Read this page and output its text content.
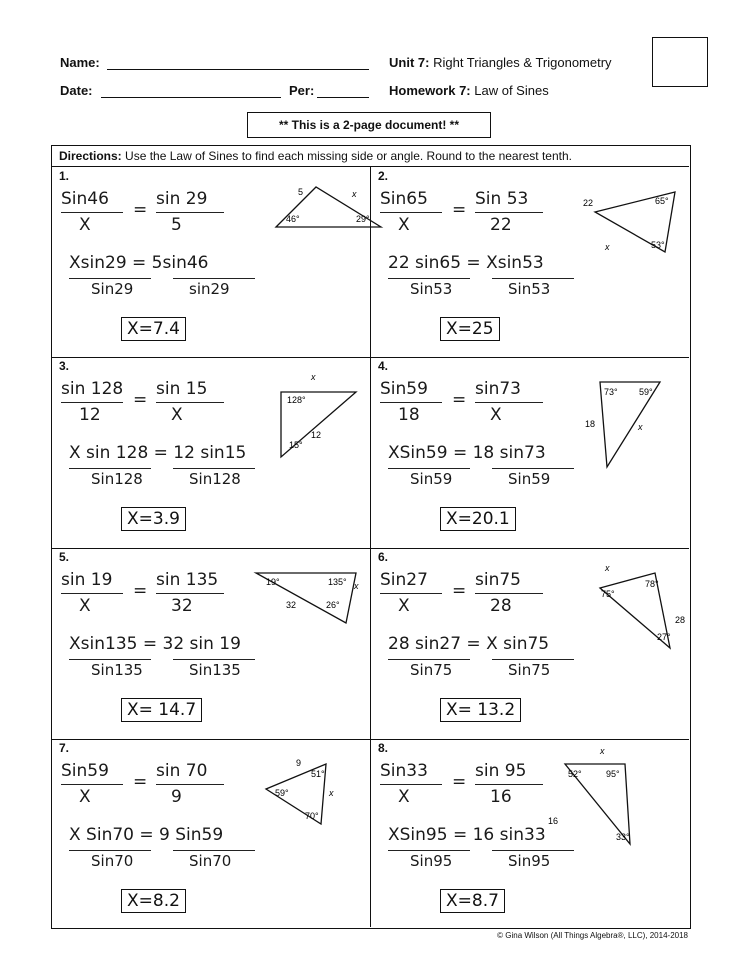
Name:
Date:	Per:
Unit 7: Right Triangles & Trigonometry
Homework 7: Law of Sines
** This is a 2-page document! **
Directions: Use the Law of Sines to find each missing side or angle. Round to the nearest tenth.
1.
Sin46
X
=
sin 29
5
Xsin29 = 5sin46
Sin29	sin29
X=7.4
5	x
46°	29°
2.
Sin65
X
=
Sin 53
22
22 sin65 = Xsin53
Sin53	Sin53
X=25
22	65°
53°
x
3.
sin 128
12
=
sin 15
X
X sin 128 = 12 sin15
Sin128	Sin128
X=3.9
x
128°
12
15°
4.
Sin59
18
=
sin73
X
XSin59 = 18 sin73
Sin59	Sin59
X=20.1
73° 59°
18	x
5.
sin 19
X
=
sin 135
32
Xsin135 = 32 sin 19
Sin135	Sin135
X= 14.7
19°	135° x
32	26°
6.
Sin27
X
=
sin75
28
28 sin27 = X sin75
Sin75	Sin75
X= 13.2
x
78°
75°
28
27°
7.
Sin59
X
=
sin 70
9
X Sin70 = 9 Sin59
Sin70	Sin70
X=8.2
9
51°
59°	x
70°
8.
Sin33
X
=
sin 95
16
XSin95 = 16 sin33
Sin95	Sin95
X=8.7
x
52°	95°
16
33°
© Gina Wilson (All Things Algebra®, LLC), 2014-2018
